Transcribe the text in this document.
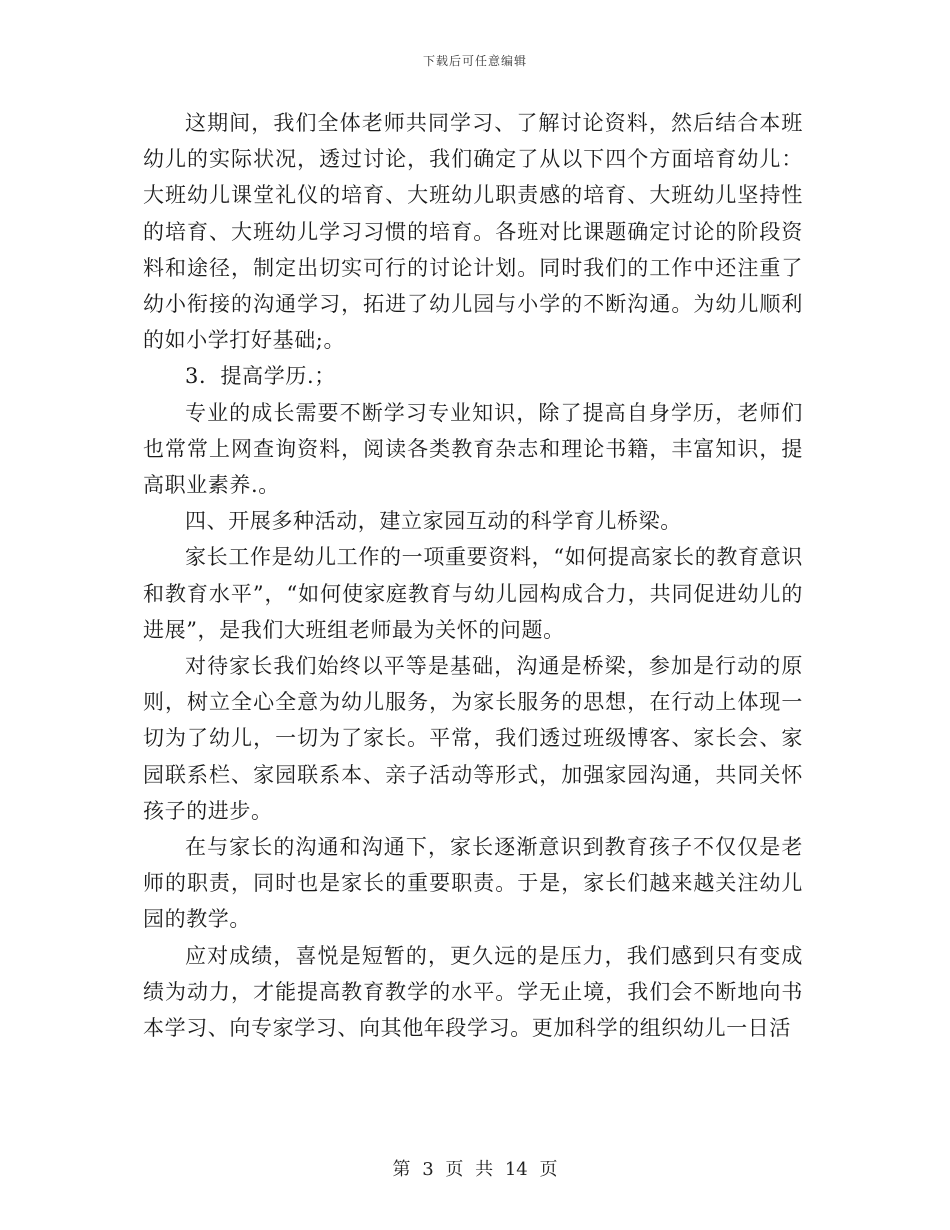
下载后可任意编辑

这期间，我们全体老师共同学习、了解讨论资料，然后结合本班幼儿的实际状况，透过讨论，我们确定了从以下四个方面培育幼儿：大班幼儿课堂礼仪的培育、大班幼儿职责感的培育、大班幼儿坚持性的培育、大班幼儿学习习惯的培育。各班对比课题确定讨论的阶段资料和途径，制定出切实可行的讨论计划。同时我们的工作中还注重了幼小衔接的沟通学习，拓进了幼儿园与小学的不断沟通。为幼儿顺利的如小学打好基础;。

3．提高学历.；

专业的成长需要不断学习专业知识，除了提高自身学历，老师们也常常上网查询资料，阅读各类教育杂志和理论书籍，丰富知识，提高职业素养.。

四、开展多种活动，建立家园互动的科学育儿桥梁。

家长工作是幼儿工作的一项重要资料，“如何提高家长的教育意识和教育水平”，“如何使家庭教育与幼儿园构成合力，共同促进幼儿的进展”，是我们大班组老师最为关怀的问题。

对待家长我们始终以平等是基础，沟通是桥梁，参加是行动的原则，树立全心全意为幼儿服务，为家长服务的思想，在行动上体现一切为了幼儿，一切为了家长。平常，我们透过班级博客、家长会、家园联系栏、家园联系本、亲子活动等形式，加强家园沟通，共同关怀孩子的进步。

在与家长的沟通和沟通下，家长逐渐意识到教育孩子不仅仅是老师的职责，同时也是家长的重要职责。于是，家长们越来越关注幼儿园的教学。

应对成绩，喜悦是短暂的，更久远的是压力，我们感到只有变成绩为动力，才能提高教育教学的水平。学无止境，我们会不断地向书本学习、向专家学习、向其他年段学习。更加科学的组织幼儿一日活

第 3 页 共 14 页
